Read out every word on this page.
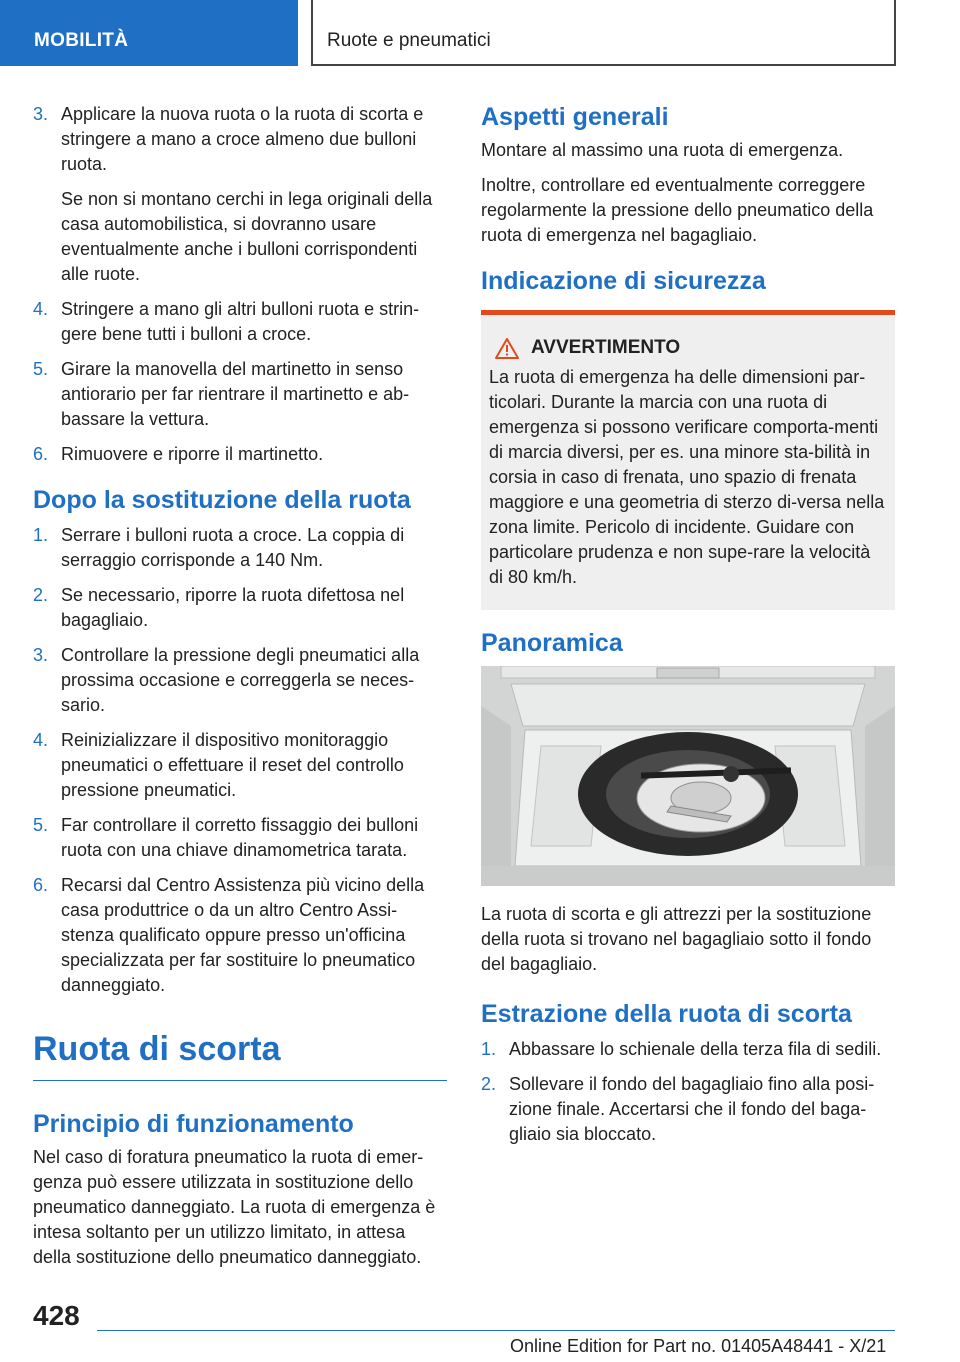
MOBILITÀ	Ruote e pneumatici
3. Applicare la nuova ruota o la ruota di scorta e stringere a mano a croce almeno due bulloni ruota.
Se non si montano cerchi in lega originali della casa automobilistica, si dovranno usare eventualmente anche i bulloni corrispondenti alle ruote.
4. Stringere a mano gli altri bulloni ruota e strin-gere bene tutti i bulloni a croce.
5. Girare la manovella del martinetto in senso antiorario per far rientrare il martinetto e ab-bassare la vettura.
6. Rimuovere e riporre il martinetto.
Dopo la sostituzione della ruota
1. Serrare i bulloni ruota a croce. La coppia di serraggio corrisponde a 140 Nm.
2. Se necessario, riporre la ruota difettosa nel bagagliaio.
3. Controllare la pressione degli pneumatici alla prossima occasione e correggerla se neces-sario.
4. Reinizializzare il dispositivo monitoraggio pneumatici o effettuare il reset del controllo pressione pneumatici.
5. Far controllare il corretto fissaggio dei bulloni ruota con una chiave dinamometrica tarata.
6. Recarsi dal Centro Assistenza più vicino della casa produttrice o da un altro Centro Assi-stenza qualificato oppure presso un'officina specializzata per far sostituire lo pneumatico danneggiato.
Ruota di scorta
Principio di funzionamento

Nel caso di foratura pneumatico la ruota di emer-genza può essere utilizzata in sostituzione dello pneumatico danneggiato. La ruota di emergenza è intesa soltanto per un utilizzo limitato, in attesa della sostituzione dello pneumatico danneggiato.

Aspetti generali

Montare al massimo una ruota di emergenza.

Inoltre, controllare ed eventualmente correggere regolarmente la pressione dello pneumatico della ruota di emergenza nel bagagliaio.

Indicazione di sicurezza
AVVERTIMENTO
La ruota di emergenza ha delle dimensioni par-ticolari. Durante la marcia con una ruota di emergenza si possono verificare comporta-menti di marcia diversi, per es. una minore sta-bilità in corsia in caso di frenata, uno spazio di frenata maggiore e una geometria di sterzo di-versa nella zona limite. Pericolo di incidente. Guidare con particolare prudenza e non supe-rare la velocità di 80 km/h.
Panoramica

La ruota di scorta e gli attrezzi per la sostituzione della ruota si trovano nel bagagliaio sotto il fondo del bagagliaio.

Estrazione della ruota di scorta
1. Abbassare lo schienale della terza fila di sedili.
2. Sollevare il fondo del bagagliaio fino alla posi-zione finale. Accertarsi che il fondo del baga-gliaio sia bloccato.
428
Online Edition for Part no. 01405A48441 - X/21
